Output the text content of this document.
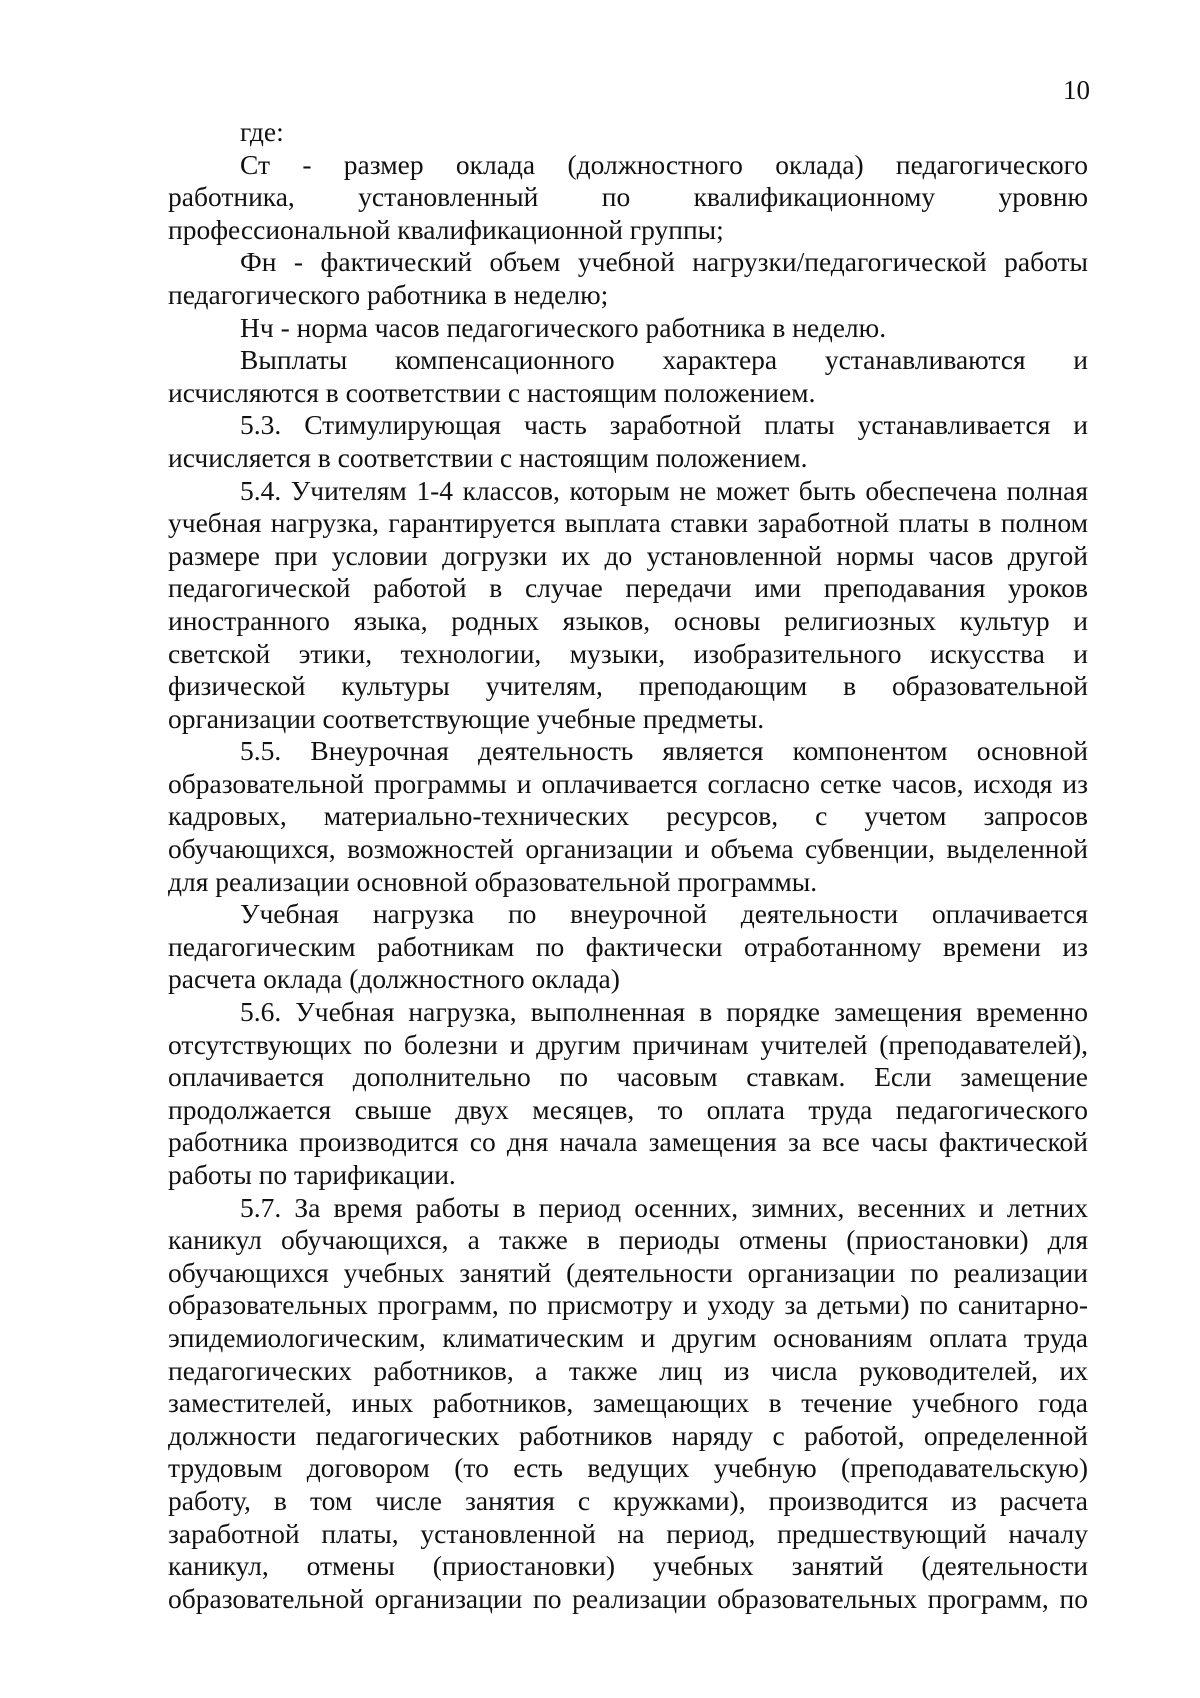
10
где:
Ст - размер оклада (должностного оклада) педагогического
работника, установленный по квалификационному уровню
профессиональной квалификационной группы;
Фн - фактический объем учебной нагрузки/педагогической работы
педагогического работника в неделю;
Нч - норма часов педагогического работника в неделю.
Выплаты компенсационного характера устанавливаются и
исчисляются в соответствии с настоящим положением.
5.3. Стимулирующая часть заработной платы устанавливается и
исчисляется в соответствии с настоящим положением.
5.4. Учителям 1-4 классов, которым не может быть обеспечена полная
учебная нагрузка, гарантируется выплата ставки заработной платы в полном
размере при условии догрузки их до установленной нормы часов другой
педагогической работой в случае передачи ими преподавания уроков
иностранного языка, родных языков, основы религиозных культур и
светской этики, технологии, музыки, изобразительного искусства и
физической культуры учителям, преподающим в образовательной
организации соответствующие учебные предметы.
5.5. Внеурочная деятельность является компонентом основной
образовательной программы и оплачивается согласно сетке часов, исходя из
кадровых, материально-технических ресурсов, с учетом запросов
обучающихся, возможностей организации и объема субвенции, выделенной
для реализации основной образовательной программы.
Учебная нагрузка по внеурочной деятельности оплачивается
педагогическим работникам по фактически отработанному времени из
расчета оклада (должностного оклада)
5.6. Учебная нагрузка, выполненная в порядке замещения временно
отсутствующих по болезни и другим причинам учителей (преподавателей),
оплачивается дополнительно по часовым ставкам. Если замещение
продолжается свыше двух месяцев, то оплата труда педагогического
работника производится со дня начала замещения за все часы фактической
работы по тарификации.
5.7. За время работы в период осенних, зимних, весенних и летних
каникул обучающихся, а также в периоды отмены (приостановки) для
обучающихся учебных занятий (деятельности организации по реализации
образовательных программ, по присмотру и уходу за детьми) по санитарно-
эпидемиологическим, климатическим и другим основаниям оплата труда
педагогических работников, а также лиц из числа руководителей, их
заместителей, иных работников, замещающих в течение учебного года
должности педагогических работников наряду с работой, определенной
трудовым договором (то есть ведущих учебную (преподавательскую)
работу, в том числе занятия с кружками), производится из расчета
заработной платы, установленной на период, предшествующий началу
каникул, отмены (приостановки) учебных занятий (деятельности
образовательной организации по реализации образовательных программ, по
